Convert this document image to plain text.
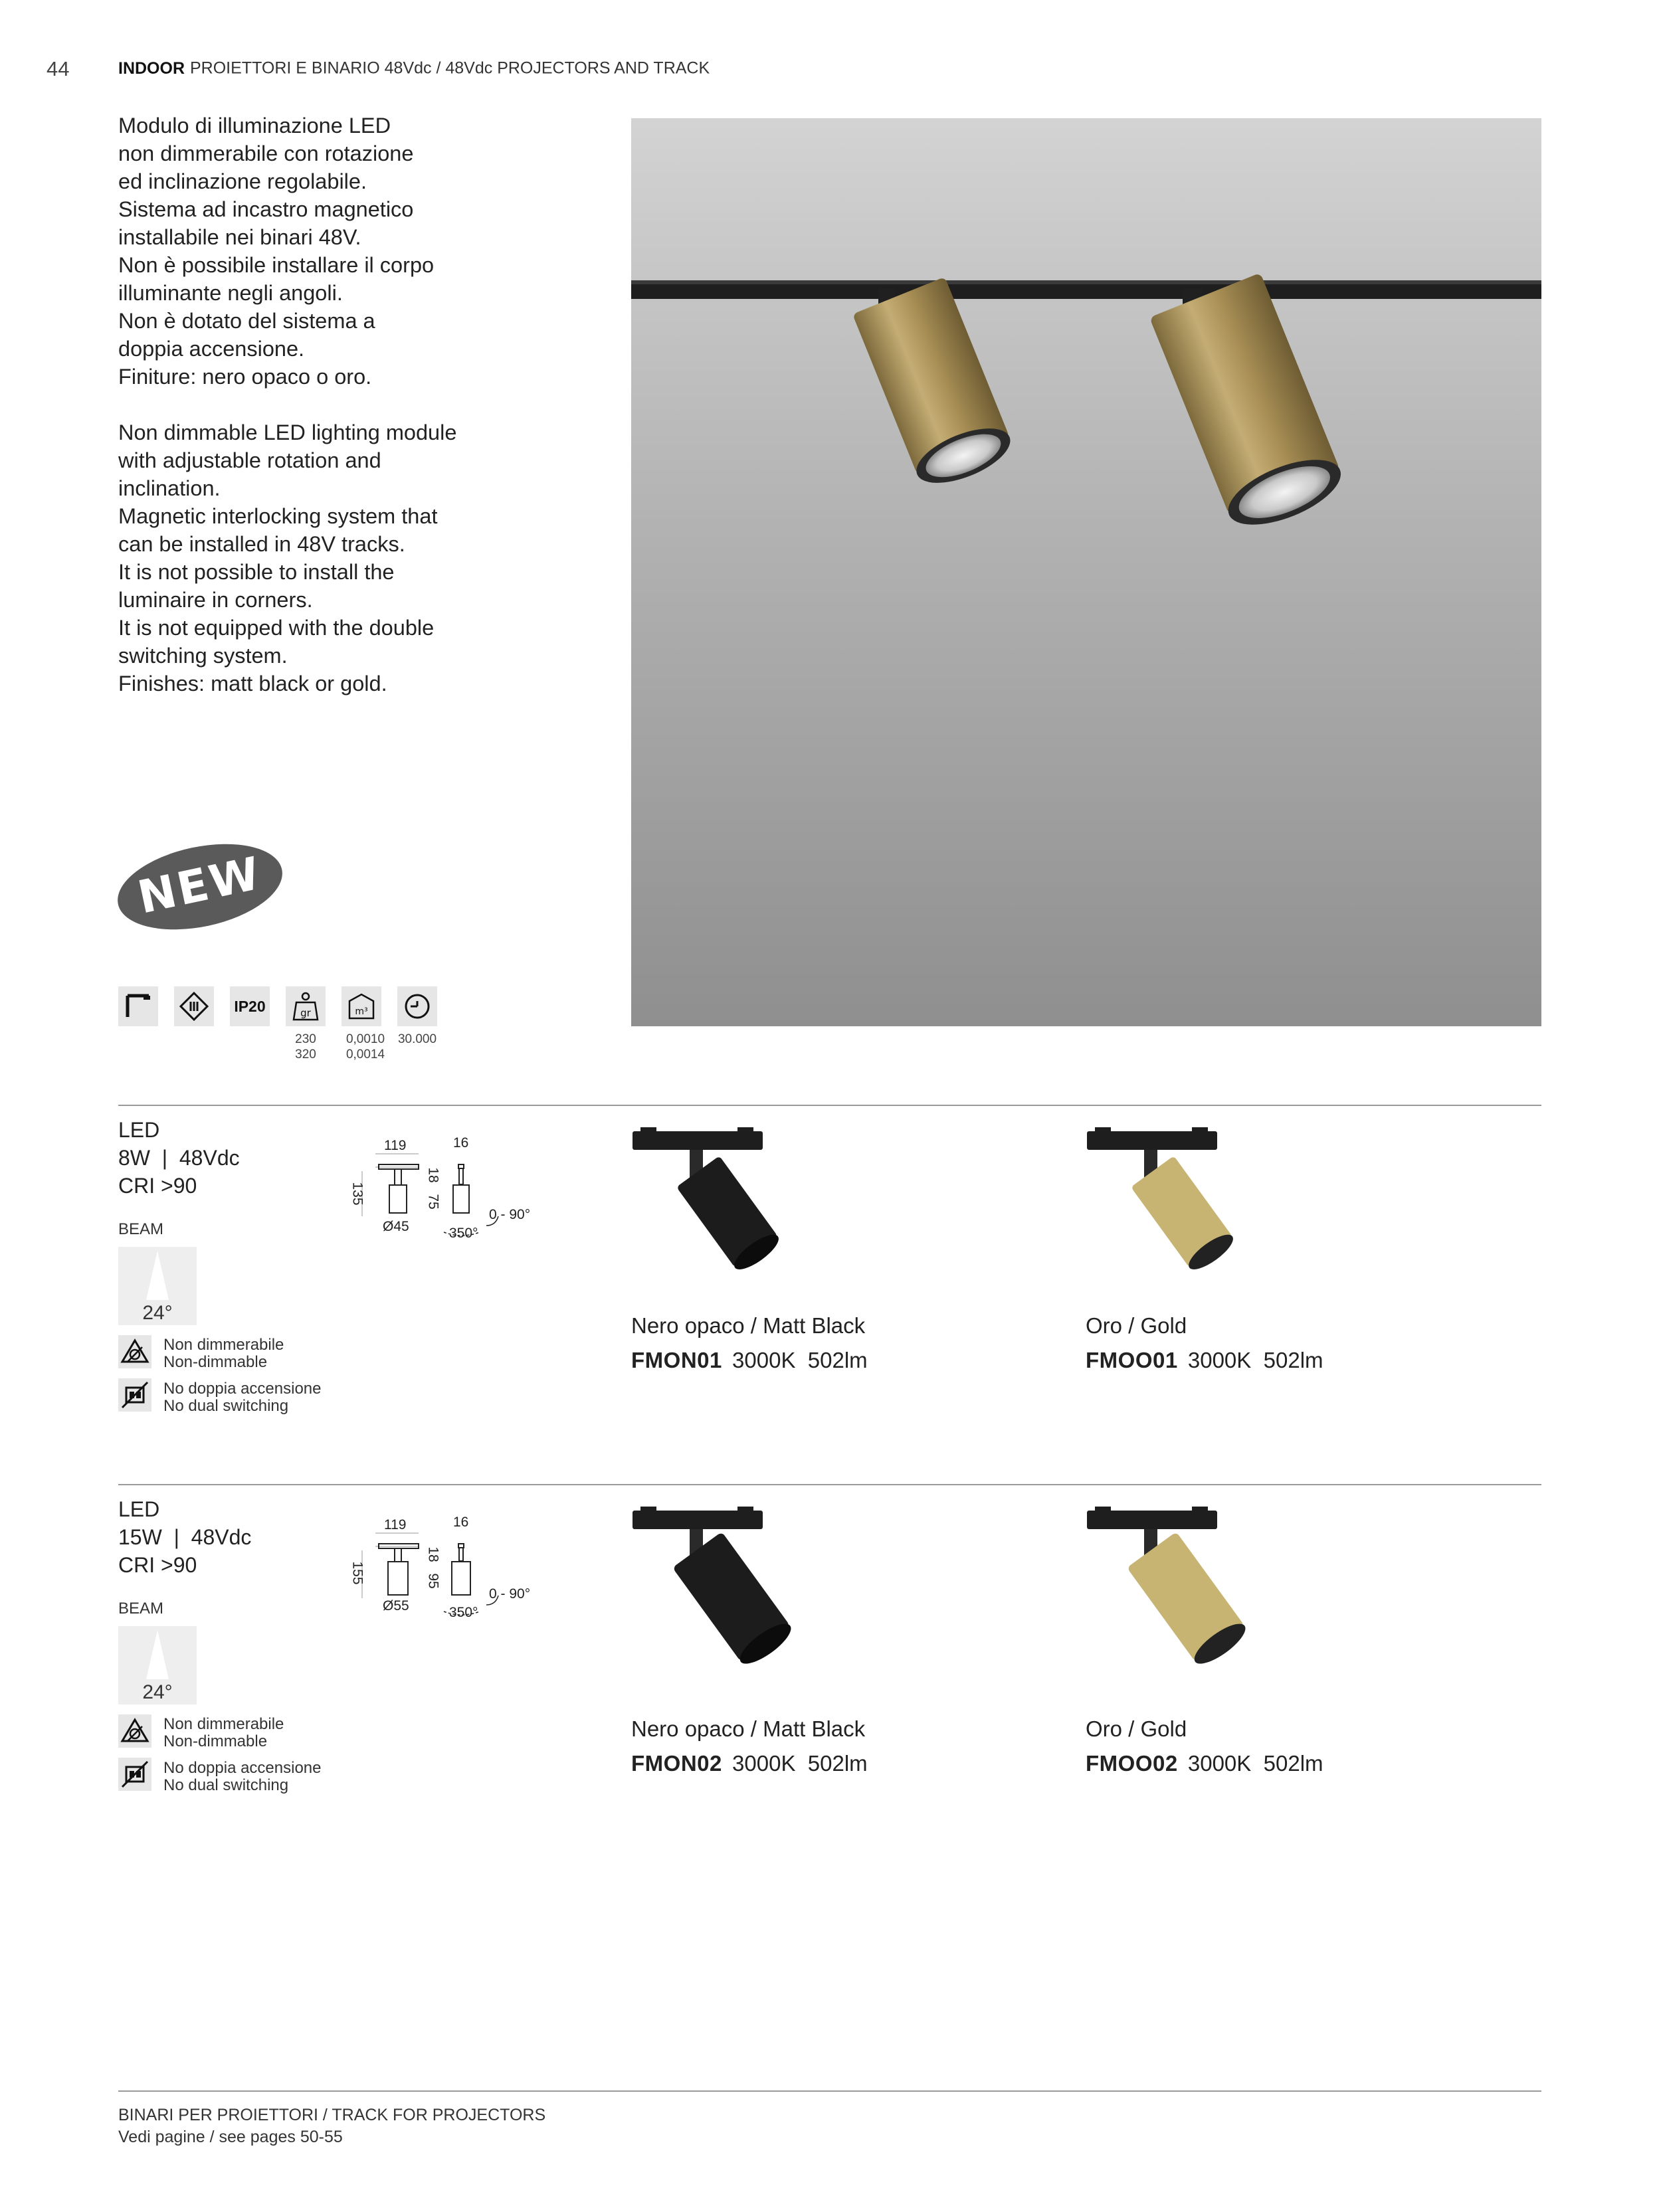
44	INDOOR PROIETTORI E BINARIO 48Vdc / 48Vdc PROJECTORS AND TRACK

Modulo di illuminazione LED

non dimmerabile con rotazione

ed inclinazione regolabile.

Sistema ad incastro magnetico

installabile nei binari 48V.

Non è possibile installare il corpo

illuminante negli angoli.

Non è dotato del sistema a

doppia accensione.

Finiture: nero opaco o oro.

Non dimmable LED lighting module

with adjustable rotation and

inclination.

Magnetic interlocking system that

can be installed in 48V tracks.

It is not possible to install the

luminaire in corners.

It is not equipped with the double

switching system.

Finishes: matt black or gold.

NEW
IP20	gr	m³
230
320
0,0010
0,0014
30.000
LED
8W  |  48Vdc
CRI >90
BEAM
24°
Non dimmerabile
Non-dimmable
No doppia accensione
No dual switching
119	16
135
18
75
Ø45
0 - 90°
350°
Nero opaco / Matt Black
FMON01 3000K  502lm
Oro / Gold
FMOO01 3000K  502lm
LED
15W  |  48Vdc
CRI >90
BEAM
24°
Non dimmerabile
Non-dimmable
No doppia accensione
No dual switching
119	16
155
18
95
Ø55
0 - 90°
350°
Nero opaco / Matt Black
FMON02 3000K  502lm
Oro / Gold
FMOO02 3000K  502lm
BINARI PER PROIETTORI / TRACK FOR PROJECTORS
Vedi pagine / see pages 50-55
